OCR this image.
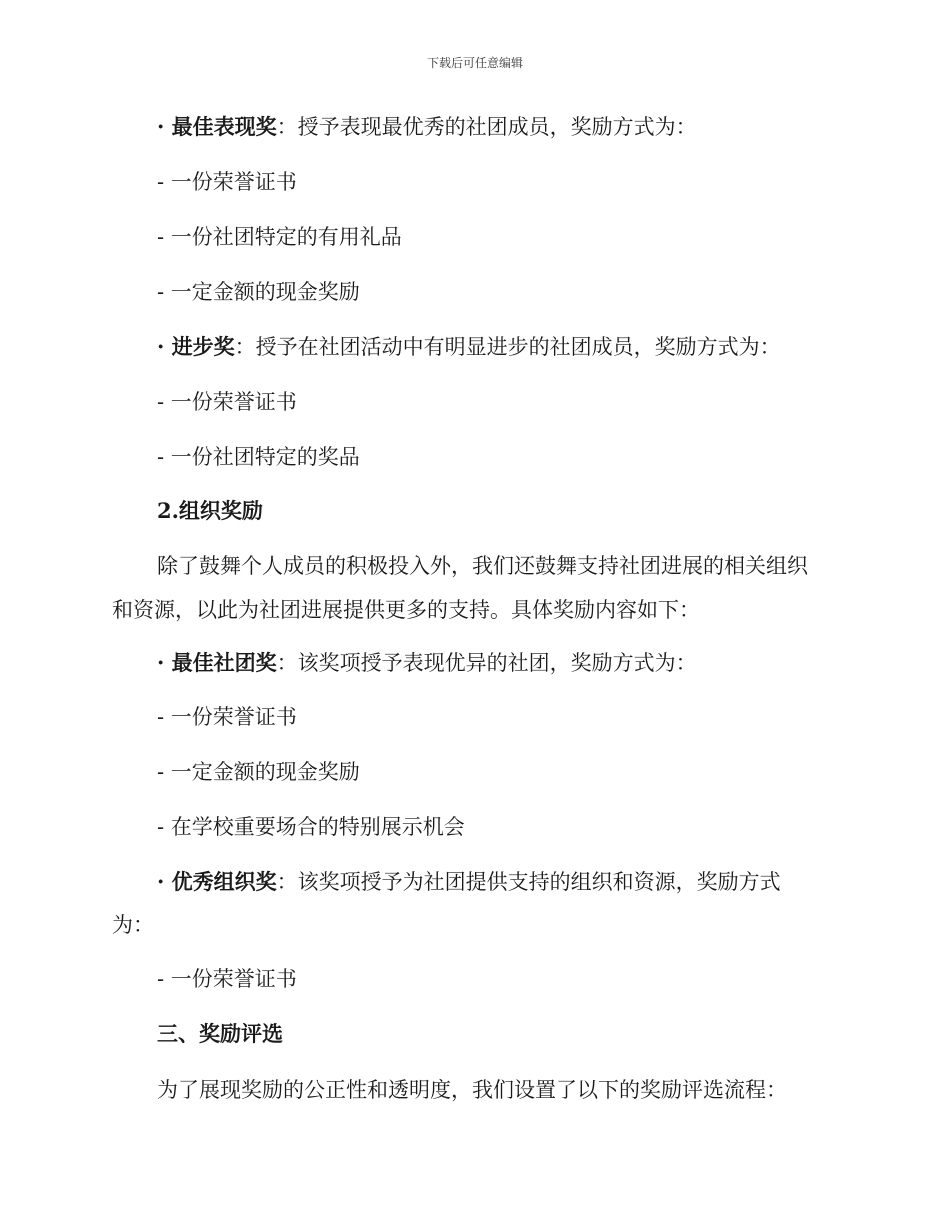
下载后可任意编辑
· 最佳表现奖：授予表现最优秀的社团成员，奖励方式为：
- 一份荣誉证书
- 一份社团特定的有用礼品
- 一定金额的现金奖励
· 进步奖：授予在社团活动中有明显进步的社团成员，奖励方式为：
- 一份荣誉证书
- 一份社团特定的奖品
2.组织奖励
除了鼓舞个人成员的积极投入外，我们还鼓舞支持社团进展的相关组织
和资源，以此为社团进展提供更多的支持。具体奖励内容如下：
· 最佳社团奖：该奖项授予表现优异的社团，奖励方式为：
- 一份荣誉证书
- 一定金额的现金奖励
- 在学校重要场合的特别展示机会
· 优秀组织奖：该奖项授予为社团提供支持的组织和资源，奖励方式
为：
- 一份荣誉证书
三、奖励评选
为了展现奖励的公正性和透明度，我们设置了以下的奖励评选流程：
